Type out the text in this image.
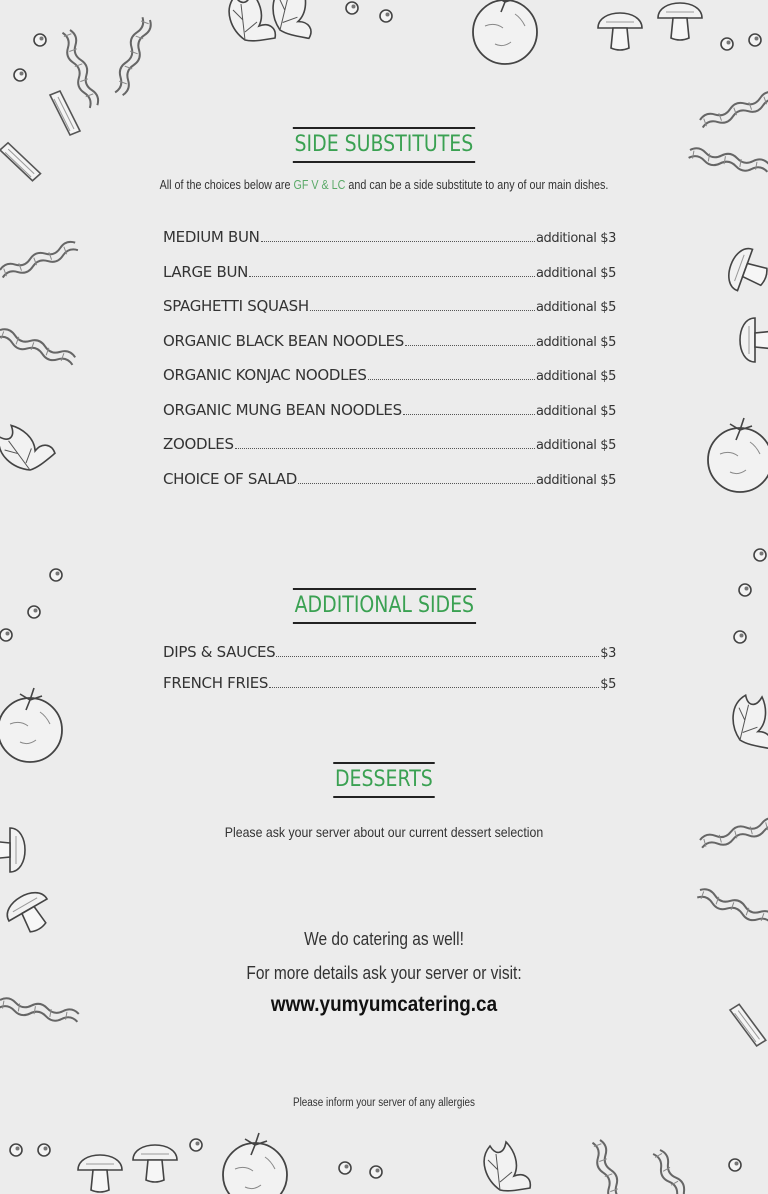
SIDE SUBSTITUTES
All of the choices below are GF V & LC and can be a side substitute to any of our main dishes.
MEDIUM BUN	additional $3
LARGE BUN	additional $5
SPAGHETTI SQUASH	additional $5
ORGANIC BLACK BEAN NOODLES	additional $5
ORGANIC KONJAC NOODLES	additional $5
ORGANIC MUNG BEAN NOODLES	additional $5
ZOODLES	additional $5
CHOICE OF SALAD	additional $5
ADDITIONAL SIDES
DIPS & SAUCES	$3
FRENCH FRIES	$5
DESSERTS
Please ask your server about our current dessert selection
We do catering as well!
For more details ask your server or visit:
www.yumyumcatering.ca
Please inform your server of any allergies
